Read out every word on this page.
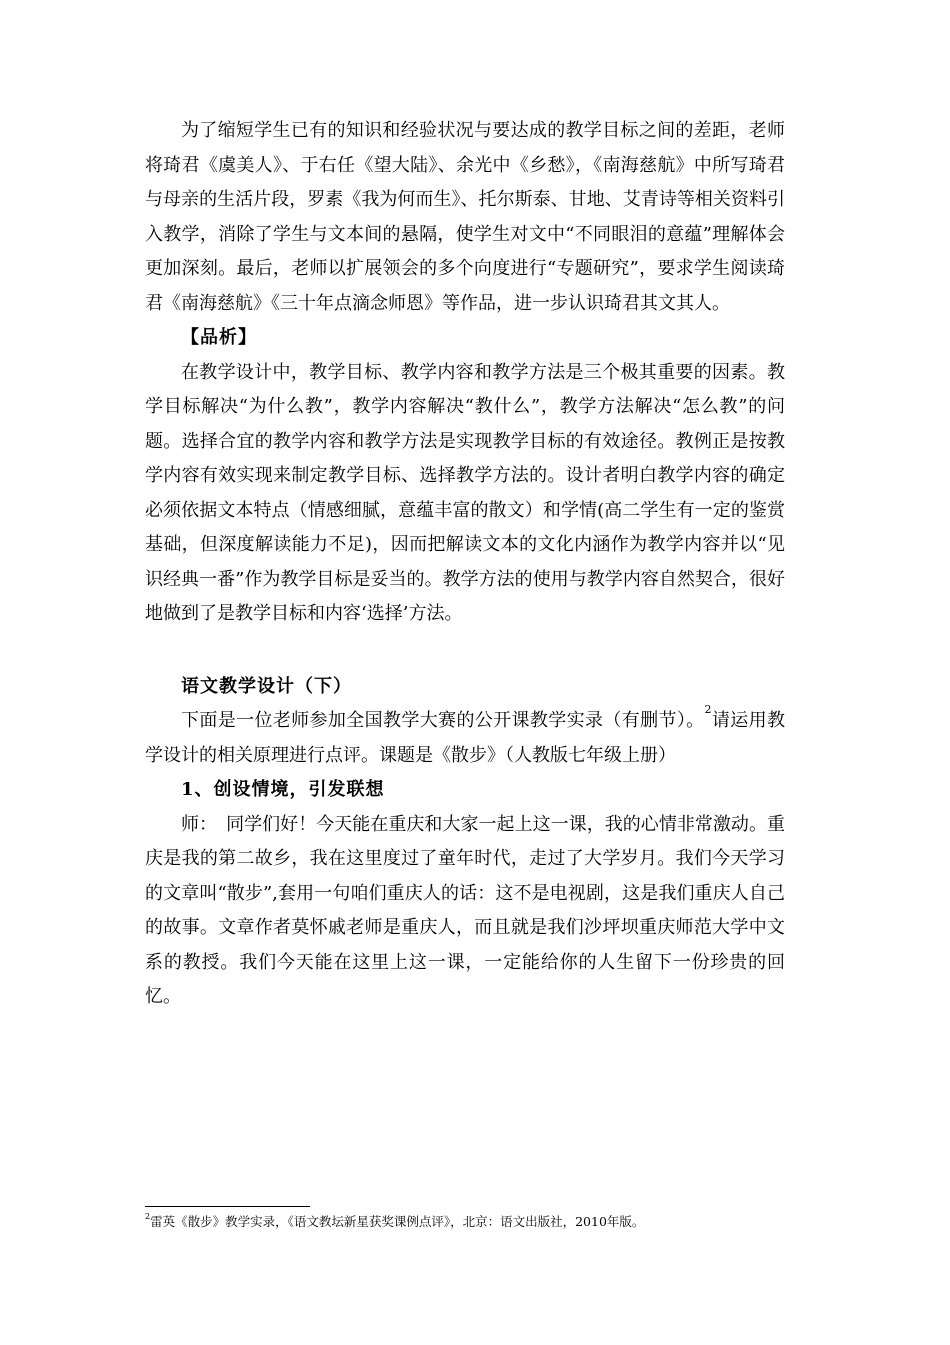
为了缩短学生已有的知识和经验状况与要达成的教学目标之间的差距，老师将琦君《虞美人》、于右任《望大陆》、余光中《乡愁》，《南海慈航》中所写琦君与母亲的生活片段，罗素《我为何而生》、托尔斯泰、甘地、艾青诗等相关资料引入教学，消除了学生与文本间的悬隔，使学生对文中“不同眼泪的意蕴”理解体会更加深刻。最后，老师以扩展领会的多个向度进行“专题研究”，要求学生阅读琦君《南海慈航》《三十年点滴念师恩》等作品，进一步认识琦君其文其人。

【品析】

在教学设计中，教学目标、教学内容和教学方法是三个极其重要的因素。教学目标解决“为什么教”，教学内容解决“教什么”，教学方法解决“怎么教”的问题。选择合宜的教学内容和教学方法是实现教学目标的有效途径。教例正是按教学内容有效实现来制定教学目标、选择教学方法的。设计者明白教学内容的确定必须依据文本特点（情感细腻，意蕴丰富的散文）和学情(高二学生有一定的鉴赏基础，但深度解读能力不足)，因而把解读文本的文化内涵作为教学内容并以“见识经典一番”作为教学目标是妥当的。教学方法的使用与教学内容自然契合，很好地做到了是教学目标和内容‘选择’方法。

语文教学设计（下）

下面是一位老师参加全国教学大赛的公开课教学实录（有删节）。$^2$请运用教学设计的相关原理进行点评。课题是《散步》（人教版七年级上册）

1、创设情境，引发联想

师：　同学们好！今天能在重庆和大家一起上这一课，我的心情非常激动。重庆是我的第二故乡，我在这里度过了童年时代，走过了大学岁月。我们今天学习的文章叫“散步”,套用一句咱们重庆人的话：这不是电视剧，这是我们重庆人自己的故事。文章作者莫怀戚老师是重庆人，而且就是我们沙坪坝重庆师范大学中文系的教授。我们今天能在这里上这一课，一定能给你的人生留下一份珍贵的回忆。

$^2$雷英《散步》教学实录，《语文教坛新星获奖课例点评》，北京：语文出版社，2010年版。
